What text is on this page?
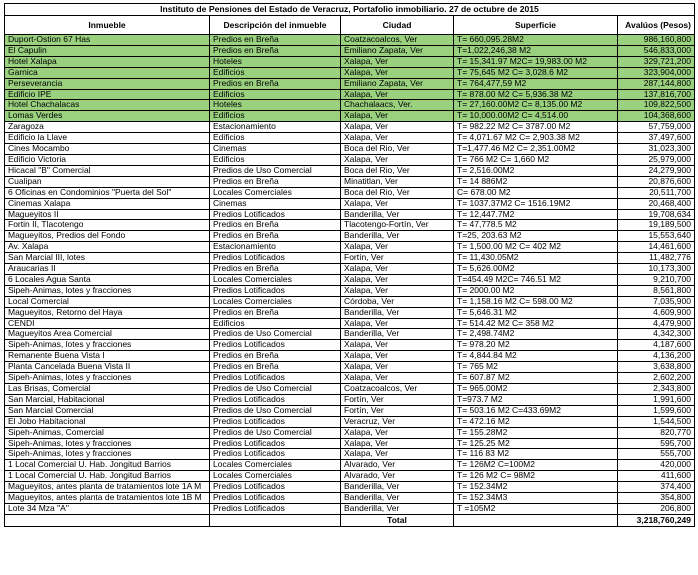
Instituto de Pensiones del Estado de Veracruz, Portafolio inmobiliario. 27 de octubre de 2015				
Inmueble	Descripción del inmueble	Ciudad	Superficie	Avalúos (Pesos)
Duport-Ostion 67 Has	Predios en Breña	Coatzacoalcos, Ver	T= 660,095.28M2	986,160,800
El Capulin	Predios en Breña	Emiliano Zapata, Ver	T=1,022,246,38 M2	546,833,000
Hotel Xalapa	Hoteles	Xalapa, Ver	T= 15,341.97 M2C= 19,983.00 M2	329,721,200
Garnica	Edificios	Xalapa, Ver	T= 75,645 M2 C= 3,028.6 M2	323,904,000
Perseverancia	Predios en Breña	Emiliano Zapata, Ver	T= 764,477,59 M2	287,144,800
Edificio IPE	Edificios	Xalapa, Ver	T= 878.00 M2 C= 5,936.38 M2	137,816,700
Hotel Chachalacas	Hoteles	Chachalaacs, Ver.	T= 27,160.00M2 C= 8,135.00 M2	109,822,500
Lomas Verdes	Edificios	Xalapa, Ver	T= 10,000.00M2 C= 4,514.00	104,368,600
Zaragoza	Estacionamiento	Xalapa, Ver	T= 982.22 M2 C= 3787.00 M2	57,759,000
Edificio la Llave	Edificios	Xalapa, Ver	T= 4,071.67 M2 C= 2,903.38 M2	37,497,600
Cines Mocambo	Cinemas	Boca del Rio, Ver	T=1,477.46 M2 C= 2,351.00M2	31,023,300
Edificio Victoria	Edificios	Xalapa, Ver	T= 766 M2 C= 1,660 M2	25,979,000
Hicacal "B" Comercial	Predios de Uso Comercial	Boca del Rio, Ver	T= 2,516.00M2	24,279,900
Cualipan	Predios en Breña	Minatitlan, Ver	T= 14 886M2	20,876,600
6 Oficinas en Condominios "Puerta del Sol"	Locales Comerciales	Boca del Rio, Ver	C= 678.00 M2	20,511,700
Cinemas Xalapa	Cinemas	Xalapa, Ver	T= 1037.37M2 C= 1516.19M2	20,468,400
Magueyitos II	Predios Lotificados	Banderilla, Ver	T= 12,447.7M2	19,708,634
Fortin II, Tlacotengo	Predios en Breña	Tlacotengo-Fortín, Ver	T= 47,778.5 M2	19,189,500
Magueyitos, Predios del Fondo	Predios en Breña	Banderilla, Ver	T=25, 203.63 M2	15,553,640
Av. Xalapa	Estacionamiento	Xalapa, Ver	T= 1,500.00 M2 C= 402 M2	14,461,600
San Marcial III, lotes	Predios Lotificados	Fortín, Ver	T= 11,430.05M2	11,482,776
Araucarias II	Predios en Breña	Xalapa, Ver	T= 5,626.00M2	10,173,300
6 Locales Agua Santa	Locales Comerciales	Xalapa, Ver	T=454.49 M2C= 746.51 M2	9,210,700
Sipeh-Animas, lotes y fracciones	Predios Lotificados	Xalapa, Ver	T= 2000.00 M2	8,561,800
Local Comercial	Locales Comerciales	Córdoba, Ver	T= 1,158.16 M2 C= 598.00 M2	7,035,900
Magueyitos, Retorno del Haya	Predios en Breña	Banderilla, Ver	T= 5,646.31 M2	4,609,900
CENDI	Edificios	Xalapa, Ver	T= 514.42 M2 C= 358 M2	4,479,900
Magueyitos Area Comercial	Predios de Uso Comercial	Banderilla, Ver	T= 2,498.74M2	4,342,300
Sipeh-Animas, lotes y fracciones	Predios Lotificados	Xalapa, Ver	T= 978.20 M2	4,187,600
Remanente Buena Vista I	Predios en Breña	Xalapa, Ver	T= 4,844.84 M2	4,136,200
Planta Cancelada Buena Vista II	Predios en Breña	Xalapa, Ver	T= 765 M2	3,638,800
Sipeh-Animas, lotes y fracciones	Predios Lotificados	Xalapa, Ver	T= 607.87 M2	2,602,200
Las Brisas, Comercial	Predios de Uso Comercial	Coatzacoalcos, Ver	T= 965.00M2	2,343,800
San Marcial, Habitacional	Predios Lotificados	Fortín, Ver	T=973.7 M2	1,991,600
San Marcial Comercial	Predios de Uso Comercial	Fortín, Ver	T= 503.16 M2 C=433.69M2	1,599,600
El Jobo Habitacional	Predios Lotificados	Veracruz, Ver	T= 472.16 M2	1,544,500
Sipeh-Animas, Comercial	Predios de Uso Comercial	Xalapa, Ver	T= 155.28M2	820,770
Sipeh-Animas, lotes y fracciones	Predios Lotificados	Xalapa, Ver	T= 125.25 M2	595,700
Sipeh-Animas, lotes y fracciones	Predios Lotificados	Xalapa, Ver	T= 116 83 M2	555,700
1 Local Comercial U. Hab. Jongitud Barrios	Locales Comerciales	Alvarado, Ver	T= 126M2 C=100M2	420,000
1 Local Comercial U. Hab. Jongitud Barrios	Locales Comerciales	Alvarado, Ver	T= 126 M2 C= 98M2	411,600
Magueyitos, antes planta de tratamientos lote 1A M	Predios Lotificados	Banderilla, Ver	T= 152.34M2	374,400
Magueyitos, antes planta de tratamientos lote 1B M	Predios Lotificados	Banderilla, Ver	T= 152.34M3	354,800
Lote 34 Mza "A"	Predios Lotificados	Banderilla, Ver	T =105M2	206,800
		Total		3,218,760,249
